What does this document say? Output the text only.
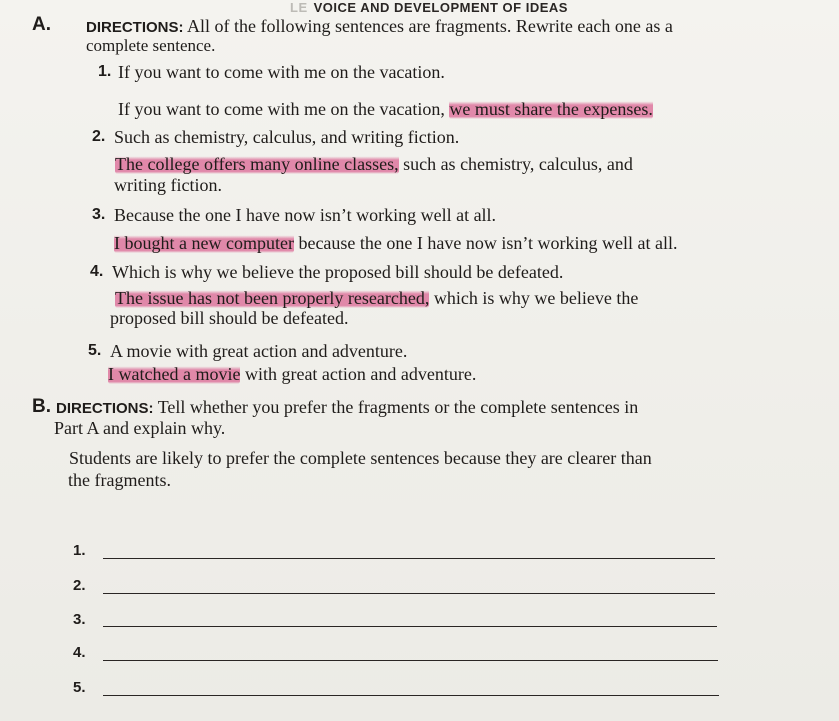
LE VOICE AND DEVELOPMENT OF IDEAS
A. DIRECTIONS: All of the following sentences are fragments. Rewrite each one as a
complete sentence.
1. If you want to come with me on the vacation.
If you want to come with me on the vacation, we must share the expenses.
2. Such as chemistry, calculus, and writing fiction.
The college offers many online classes, such as chemistry, calculus, and
writing fiction.
3. Because the one I have now isn’t working well at all.
I bought a new computer because the one I have now isn’t working well at all.
4. Which is why we believe the proposed bill should be defeated.
The issue has not been properly researched, which is why we believe the
proposed bill should be defeated.
5. A movie with great action and adventure.
I watched a movie with great action and adventure.
B. DIRECTIONS: Tell whether you prefer the fragments or the complete sentences in
Part A and explain why.
Students are likely to prefer the complete sentences because they are clearer than
the fragments.
1.
2.
3.
4.
5.
